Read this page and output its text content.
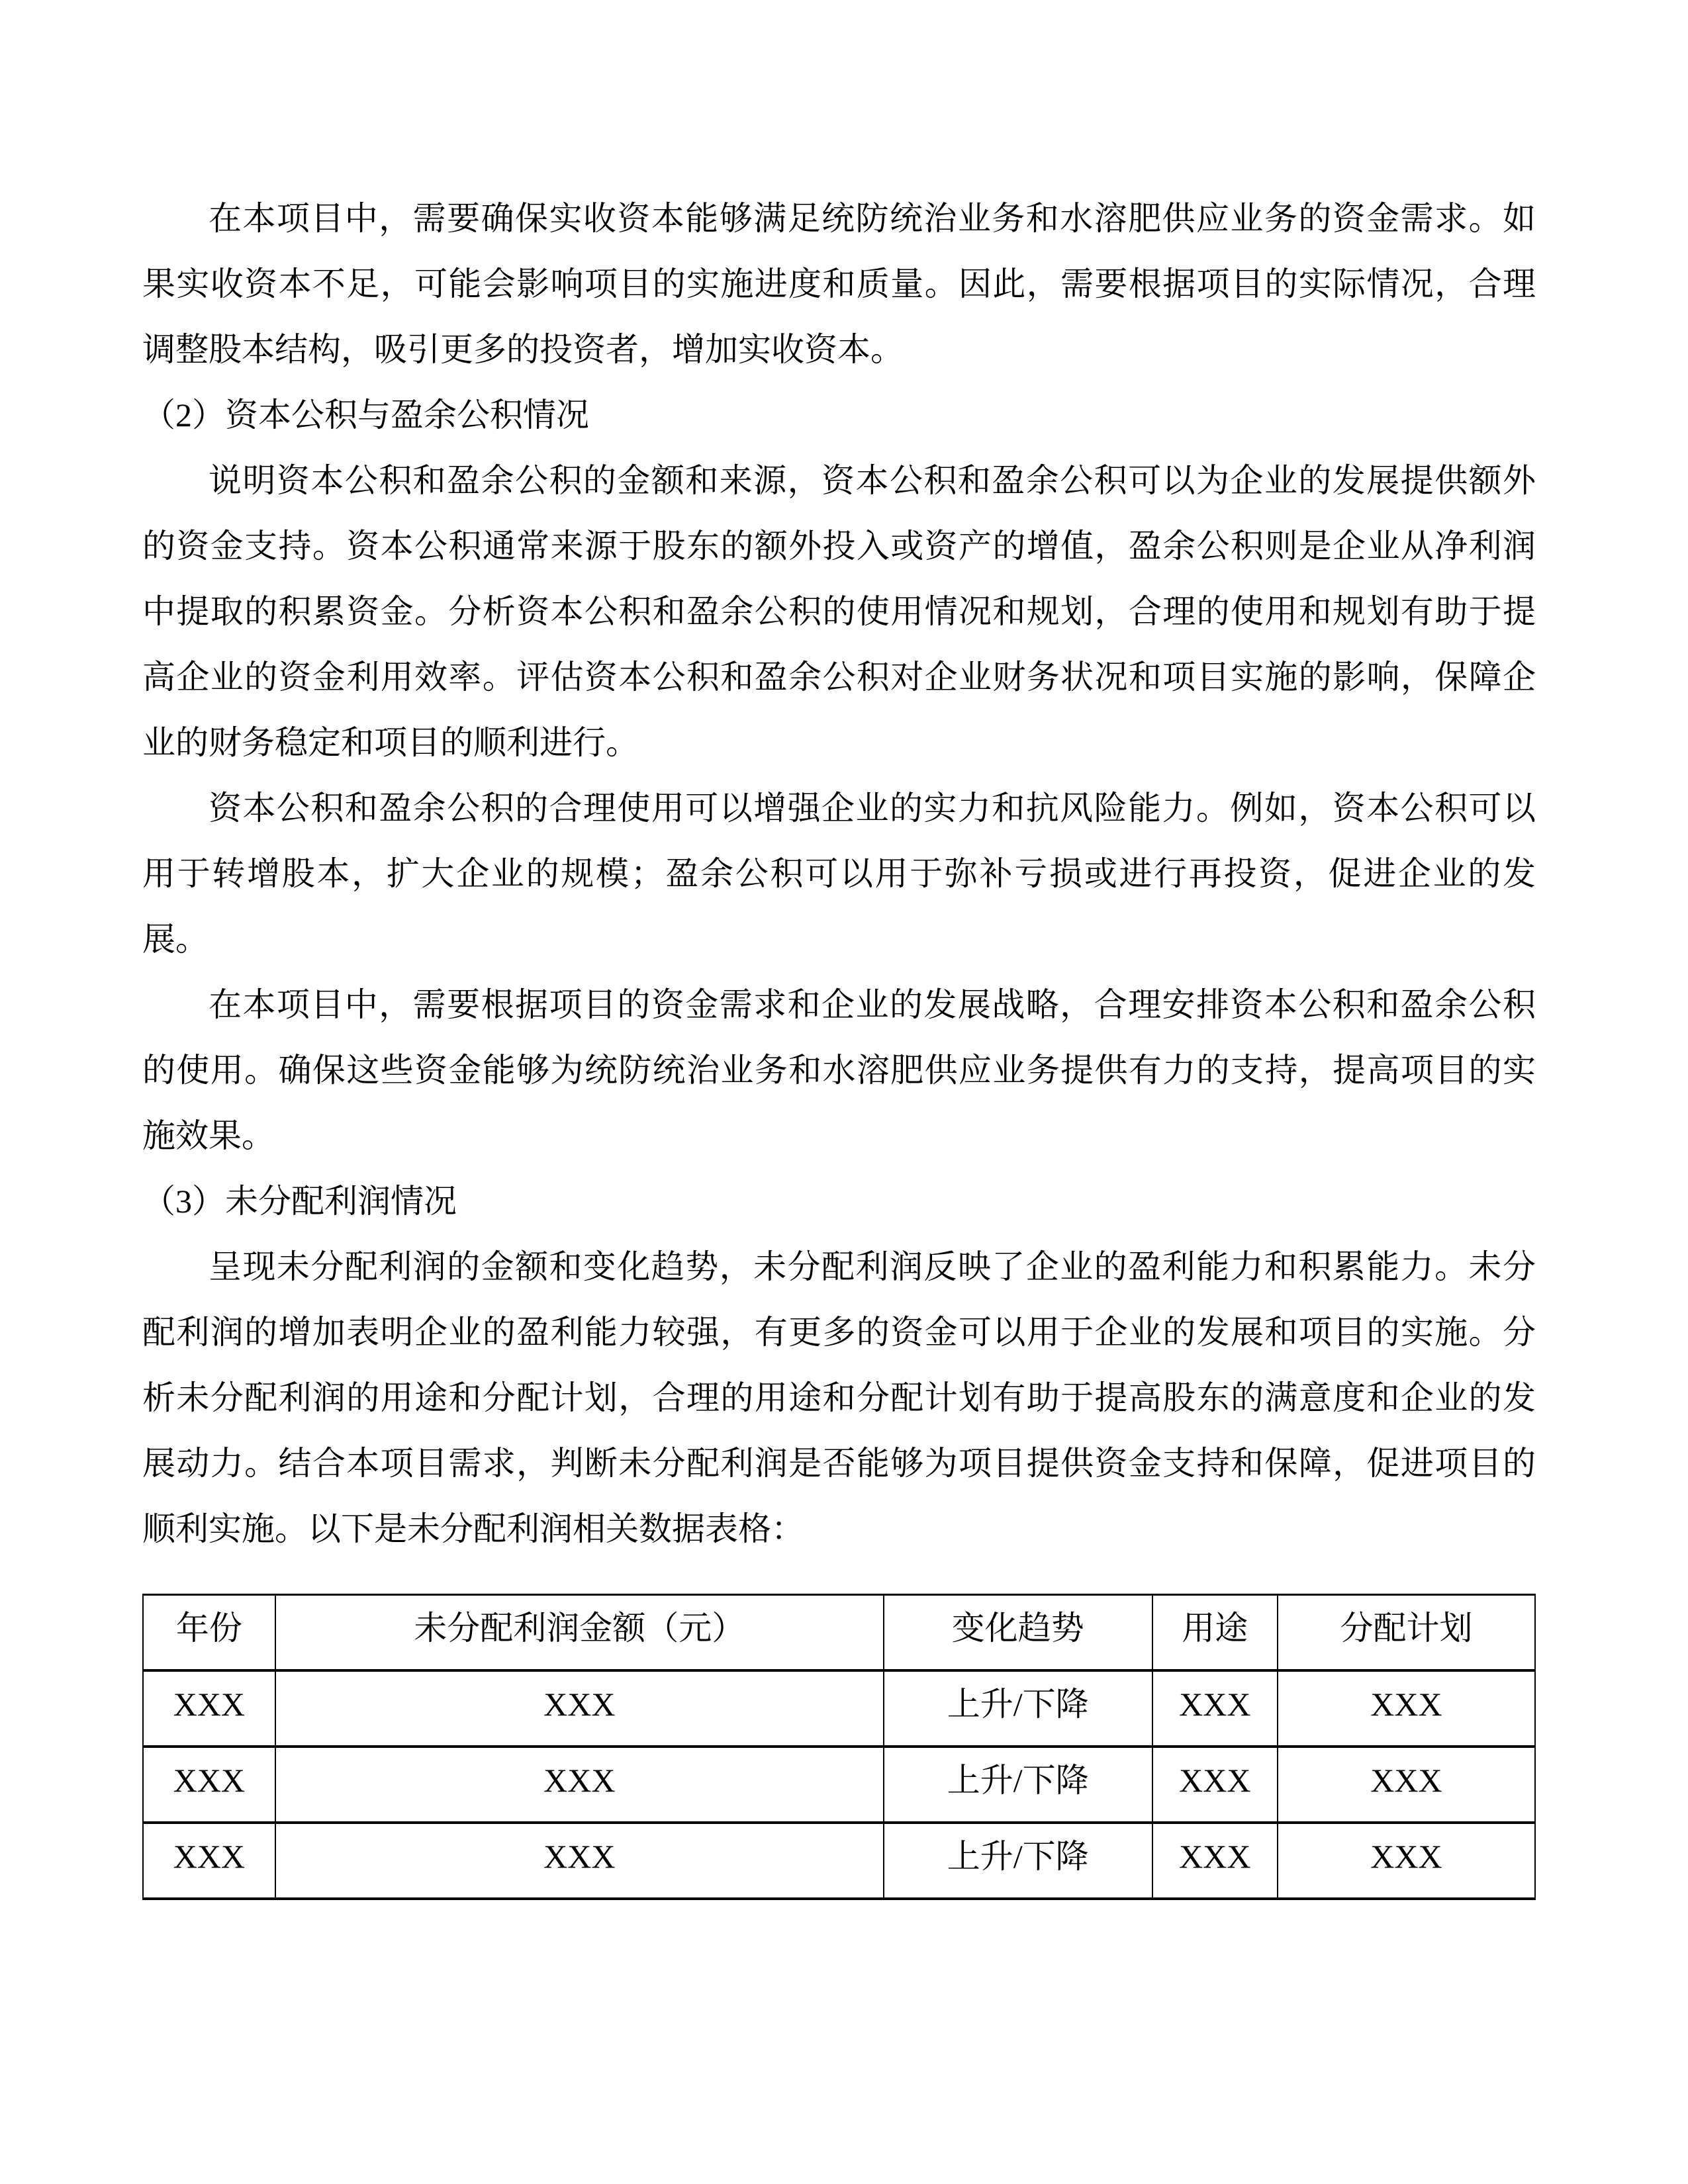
在本项目中，需要确保实收资本能够满足统防统治业务和水溶肥供应业务的资金需求。如
果实收资本不足，可能会影响项目的实施进度和质量。因此，需要根据项目的实际情况，合理
调整股本结构，吸引更多的投资者，增加实收资本。
（2）资本公积与盈余公积情况
说明资本公积和盈余公积的金额和来源，资本公积和盈余公积可以为企业的发展提供额外
的资金支持。资本公积通常来源于股东的额外投入或资产的增值，盈余公积则是企业从净利润
中提取的积累资金。分析资本公积和盈余公积的使用情况和规划，合理的使用和规划有助于提
高企业的资金利用效率。评估资本公积和盈余公积对企业财务状况和项目实施的影响，保障企
业的财务稳定和项目的顺利进行。
资本公积和盈余公积的合理使用可以增强企业的实力和抗风险能力。例如，资本公积可以
用于转增股本，扩大企业的规模；盈余公积可以用于弥补亏损或进行再投资，促进企业的发
展。
在本项目中，需要根据项目的资金需求和企业的发展战略，合理安排资本公积和盈余公积
的使用。确保这些资金能够为统防统治业务和水溶肥供应业务提供有力的支持，提高项目的实
施效果。
（3）未分配利润情况
呈现未分配利润的金额和变化趋势，未分配利润反映了企业的盈利能力和积累能力。未分
配利润的增加表明企业的盈利能力较强，有更多的资金可以用于企业的发展和项目的实施。分
析未分配利润的用途和分配计划，合理的用途和分配计划有助于提高股东的满意度和企业的发
展动力。结合本项目需求，判断未分配利润是否能够为项目提供资金支持和保障，促进项目的
顺利实施。以下是未分配利润相关数据表格：
年份	未分配利润金额（元）	变化趋势	用途	分配计划
XXX	XXX	上升/下降	XXX	XXX
XXX	XXX	上升/下降	XXX	XXX
XXX	XXX	上升/下降	XXX	XXX
